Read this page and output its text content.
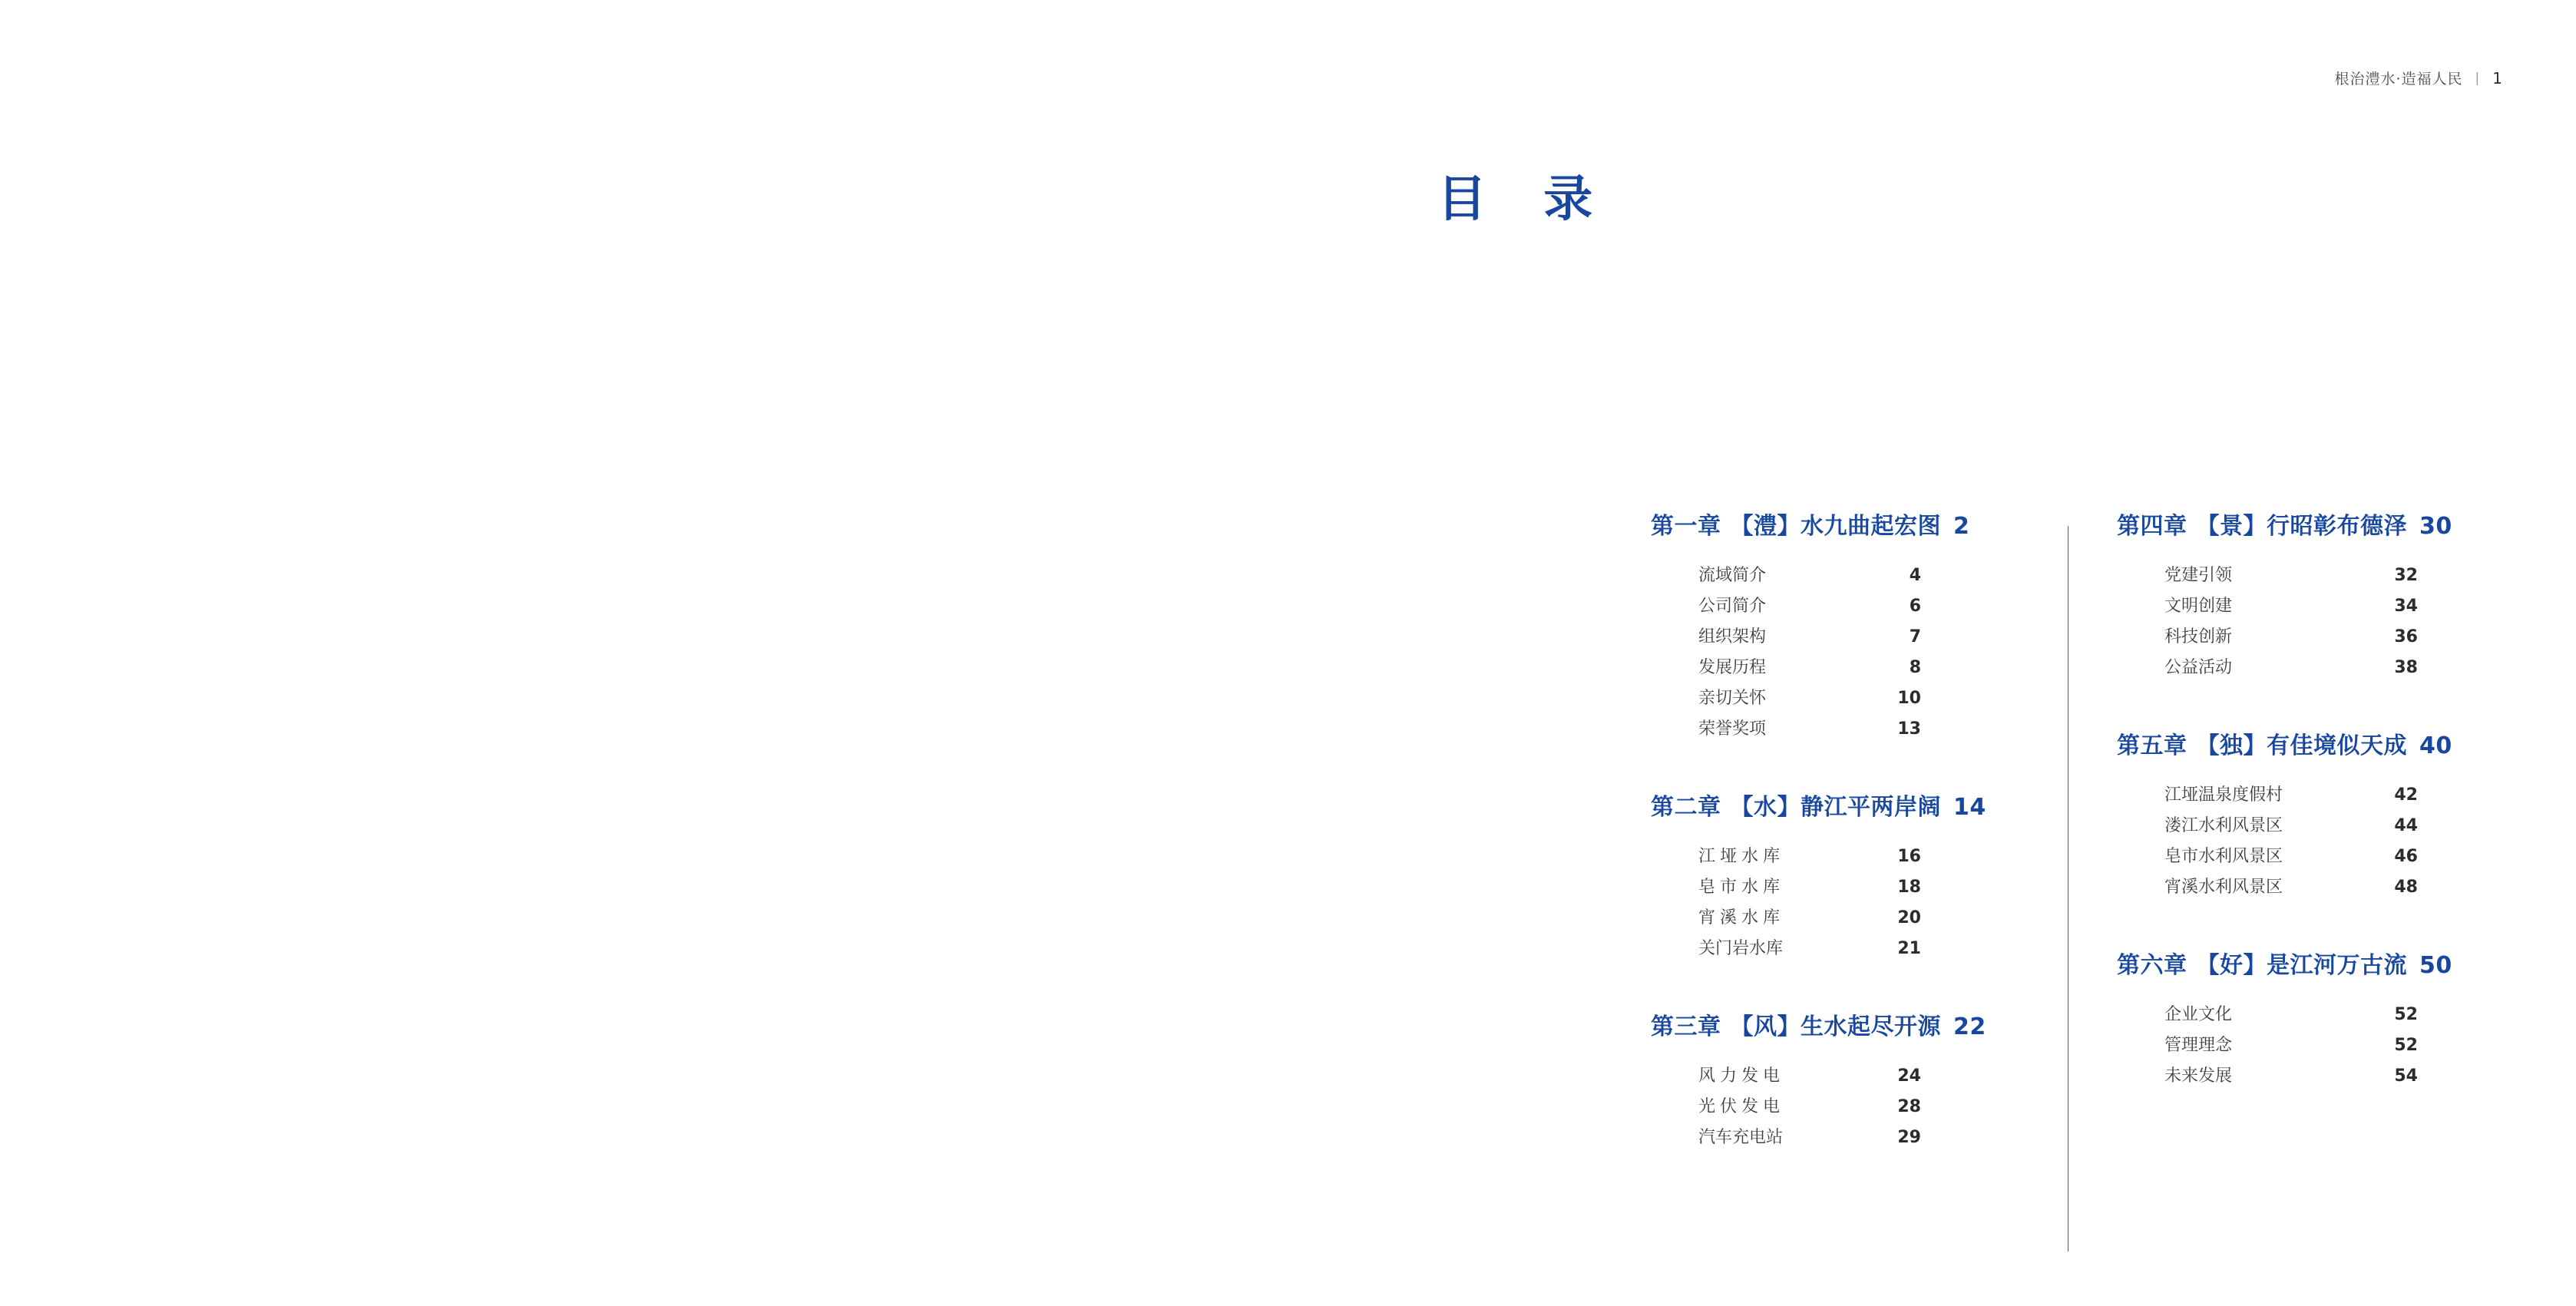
根治澧水·造福人民 | 1
目 录
第一章 【澧】水九曲起宏图 2
流域简介	4
公司简介	6
组织架构	7
发展历程	8
亲切关怀	10
荣誉奖项	13
第二章 【水】静江平两岸阔 14
江垭水库	16
皂市水库	18
宵溪水库	20
关门岩水库	21
第三章 【风】生水起尽开源 22
风力发电	24
光伏发电	28
汽车充电站	29
第四章 【景】行昭彰布德泽 30
党建引领	32
文明创建	34
科技创新	36
公益活动	38
第五章 【独】有佳境似天成 40
江垭温泉度假村	42
溇江水利风景区	44
皂市水利风景区	46
宵溪水利风景区	48
第六章 【好】是江河万古流 50
企业文化	52
管理理念	52
未来发展	54
